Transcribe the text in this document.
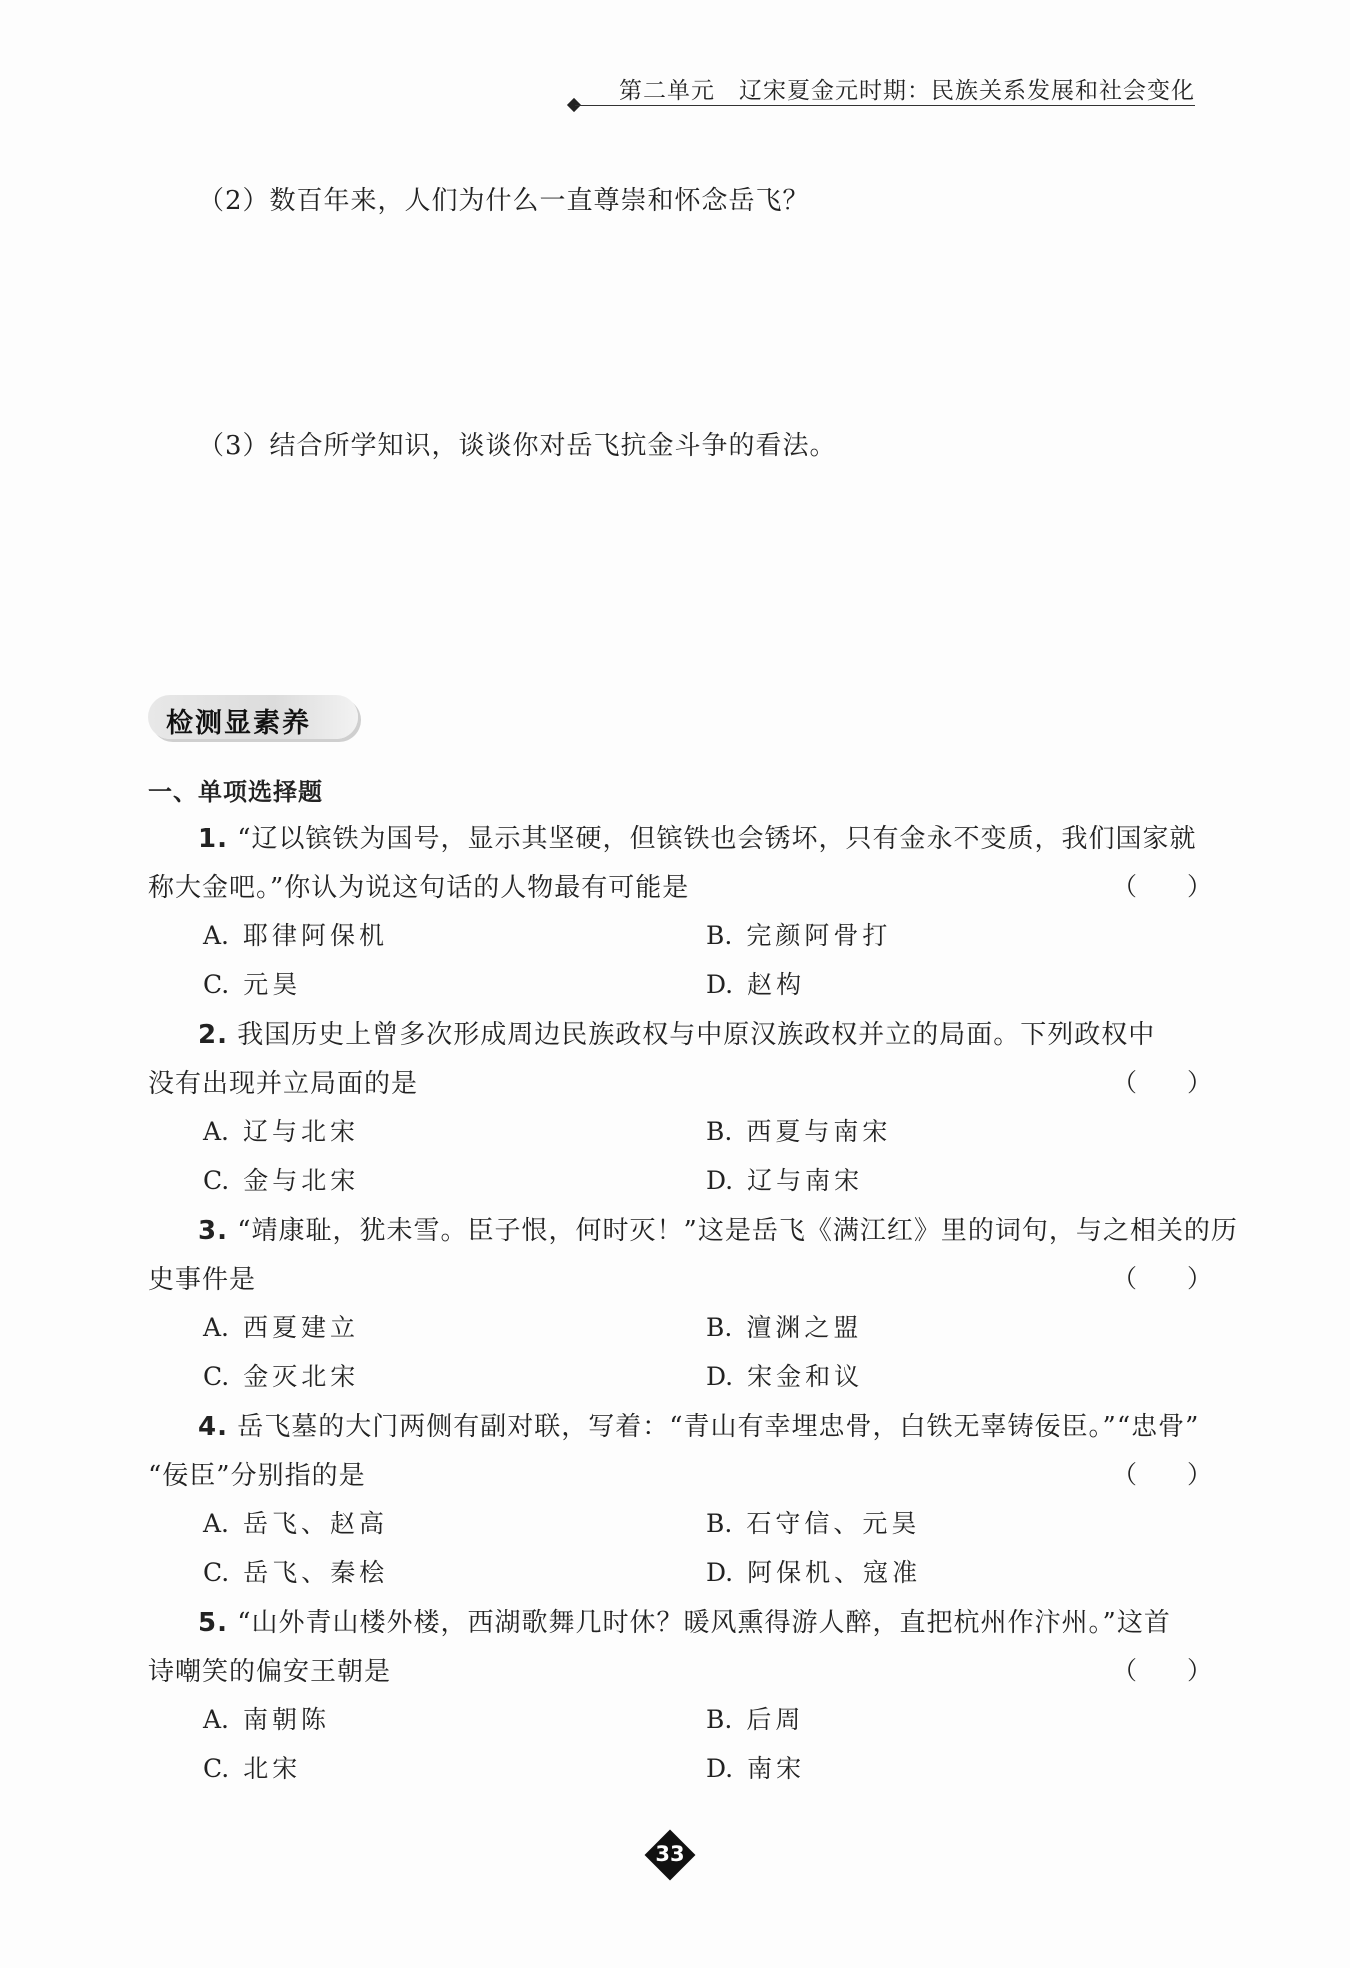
第二单元　辽宋夏金元时期：民族关系发展和社会变化
（2）数百年来，人们为什么一直尊崇和怀念岳飞？
（3）结合所学知识，谈谈你对岳飞抗金斗争的看法。
检测显素养
一、单项选择题
1. “辽以镔铁为国号，显示其坚硬，但镔铁也会锈坏，只有金永不变质，我们国家就
称大金吧。”你认为说这句话的人物最有可能是	（　　）
A. 耶律阿保机	B. 完颜阿骨打
C. 元昊	D. 赵构
2. 我国历史上曾多次形成周边民族政权与中原汉族政权并立的局面。下列政权中
没有出现并立局面的是	（　　）
A. 辽与北宋	B. 西夏与南宋
C. 金与北宋	D. 辽与南宋
3. “靖康耻，犹未雪。臣子恨，何时灭！”这是岳飞《满江红》里的词句，与之相关的历
史事件是	（　　）
A. 西夏建立	B. 澶渊之盟
C. 金灭北宋	D. 宋金和议
4. 岳飞墓的大门两侧有副对联，写着：“青山有幸埋忠骨，白铁无辜铸佞臣。”“忠骨”
“佞臣”分别指的是	（　　）
A. 岳飞、赵高	B. 石守信、元昊
C. 岳飞、秦桧	D. 阿保机、寇准
5. “山外青山楼外楼，西湖歌舞几时休？暖风熏得游人醉，直把杭州作汴州。”这首
诗嘲笑的偏安王朝是	（　　）
A. 南朝陈	B. 后周
C. 北宋	D. 南宋
33
